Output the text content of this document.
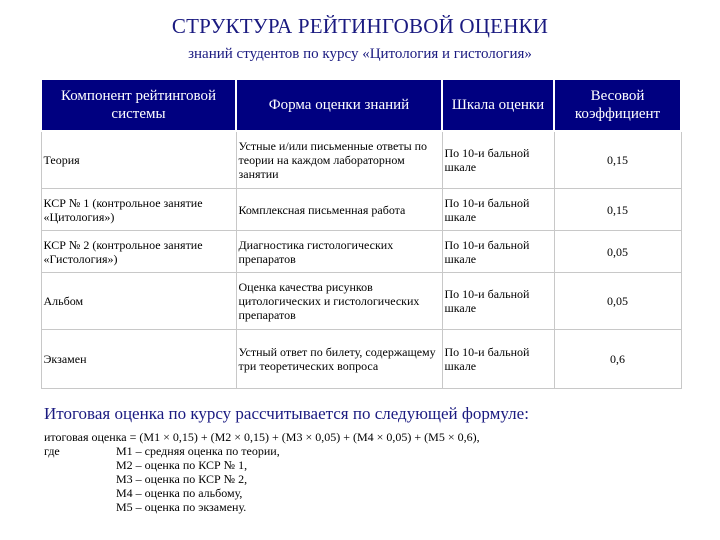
СТРУКТУРА РЕЙТИНГОВОЙ ОЦЕНКИ
знаний студентов по курсу «Цитология и гистология»
Компонент рейтинговой системы	Форма оценки знаний	Шкала оценки	Весовой коэффициент
Теория	Устные и/или письменные ответы по теории на каждом лабораторном занятии	По 10-и бальной шкале	0,15
КСР № 1 (контрольное занятие «Цитология»)	Комплексная письменная работа	По 10-и бальной шкале	0,15
КСР № 2 (контрольное занятие «Гистология»)	Диагностика гистологических препаратов	По 10-и бальной шкале	0,05
Альбом	Оценка качества рисунков цитологических и гистологических препаратов	По 10-и бальной шкале	0,05
Экзамен	Устный ответ по билету, содержащему три теоретических вопроса	По 10-и бальной шкале	0,6
Итоговая оценка по курсу рассчитывается по следующей формуле:
итоговая оценка = (М1 × 0,15) + (М2 × 0,15) + (М3 × 0,05) + (М4 × 0,05) + (М5 × 0,6),
где	М1 – средняя оценка по теории,
М2 – оценка по КСР № 1,
М3 – оценка по КСР № 2,
М4 – оценка по альбому,
М5 – оценка по экзамену.
